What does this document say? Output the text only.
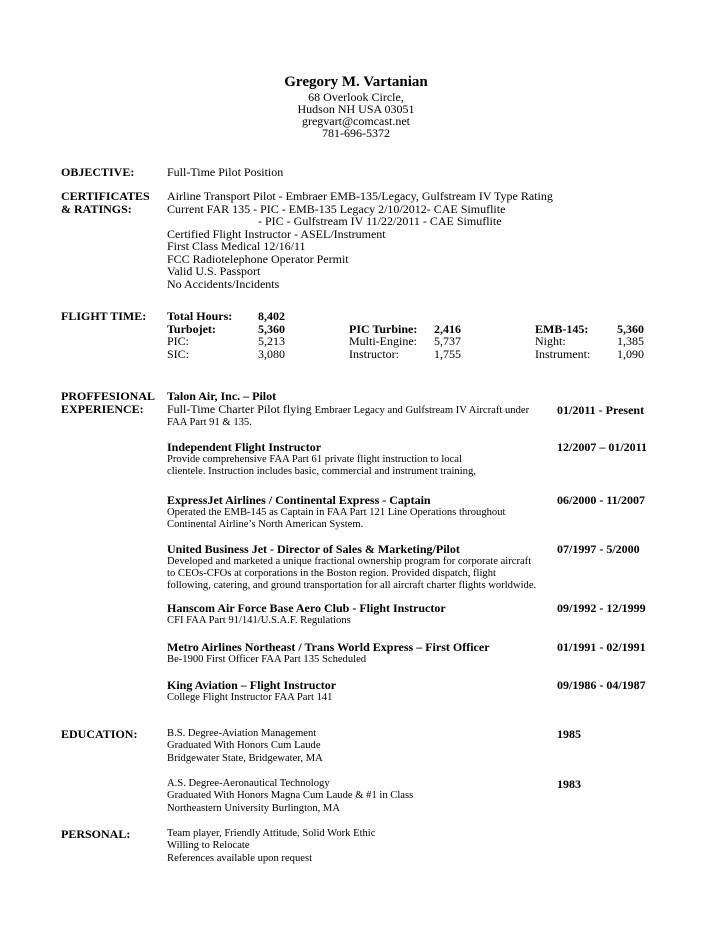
Gregory M. Vartanian
68 Overlook Circle,
Hudson NH USA 03051
gregvart@comcast.net
781-696-5372
OBJECTIVE:	Full-Time Pilot Position
CERTIFICATES
& RATINGS:
Airline Transport Pilot - Embraer EMB-135/Legacy, Gulfstream IV Type Rating
Current FAR 135 - PIC - EMB-135 Legacy 2/10/2012- CAE Simuflite
- PIC - Gulfstream IV 11/22/2011 - CAE Simuflite
Certified Flight Instructor - ASEL/Instrument
First Class Medical 12/16/11
FCC Radiotelephone Operator Permit
Valid U.S. Passport
No Accidents/Incidents
FLIGHT TIME:	Total Hours: 8,402
Turbojet:	5,360	PIC Turbine: 2,416	EMB-145: 5,360
PIC:	5,213	Multi-Engine: 5,737	Night:	1,385
SIC:	3,080	Instructor:	1,755	Instrument: 1,090
PROFFESIONAL
EXPERIENCE:
Talon Air, Inc. – Pilot
Full-Time Charter Pilot flying Embraer Legacy and Gulfstream IV Aircraft under
FAA Part 91 & 135.
01/2011 - Present
Independent Flight Instructor
Provide comprehensive FAA Part 61 private flight instruction to local
clientele. Instruction includes basic, commercial and instrument training,
12/2007 – 01/2011
ExpressJet Airlines / Continental Express - Captain
Operated the EMB-145 as Captain in FAA Part 121 Line Operations throughout
Continental Airline’s North American System.
06/2000 - 11/2007
United Business Jet - Director of Sales & Marketing/Pilot
Developed and marketed a unique fractional ownership program for corporate aircraft
to CEOs-CFOs at corporations in the Boston region. Provided dispatch, flight
following, catering, and ground transportation for all aircraft charter flights worldwide.
07/1997 - 5/2000
Hanscom Air Force Base Aero Club - Flight Instructor
CFI FAA Part 91/141/U.S.A.F. Regulations
09/1992 - 12/1999
Metro Airlines Northeast / Trans World Express – First Officer
Be-1900 First Officer FAA Part 135 Scheduled
01/1991 - 02/1991
King Aviation – Flight Instructor
College Flight Instructor FAA Part 141
09/1986 - 04/1987
EDUCATION:	B.S. Degree-Aviation Management
Graduated With Honors Cum Laude
Bridgewater State, Bridgewater, MA
1985
A.S. Degree-Aeronautical Technology
Graduated With Honors Magna Cum Laude & #1 in Class
Northeastern University Burlington, MA
1983
PERSONAL:	Team player, Friendly Attitude, Solid Work Ethic
Willing to Relocate
References available upon request
